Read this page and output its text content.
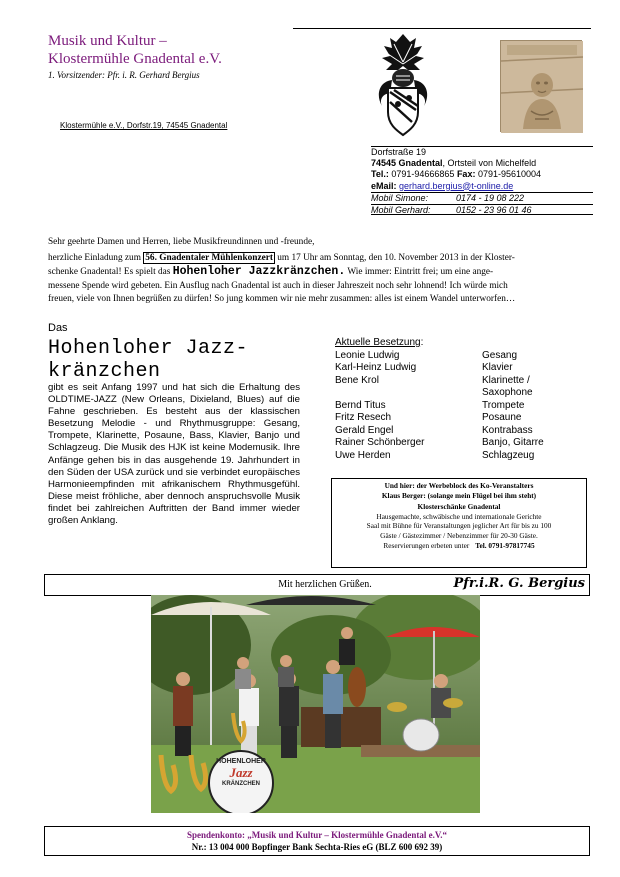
Musik und Kultur –
Klostermühle Gnadental e.V.
1. Vorsitzender: Pfr. i. R. Gerhard Bergius
Klostermühle e.V., Dorfstr.19, 74545 Gnadental
Dorfstraße 19
74545 Gnadental, Ortsteil von Michelfeld
Tel.: 0791-94666865 Fax: 0791-95610004
eMail: gerhard.bergius@t-online.de
Mobil Simone:	0174 - 19 08 222
Mobil Gerhard:	0152 - 23 96 01 46
Sehr geehrte Damen und Herren, liebe Musikfreundinnen und -freunde,
herzliche Einladung zum 56. Gnadentaler Mühlenkonzert um 17 Uhr am Sonntag, den 10. November 2013 in der Kloster-
schenke Gnadental! Es spielt das Hohenloher Jazzkränzchen. Wie immer: Eintritt frei; um eine ange-
messene Spende wird gebeten. Ein Ausflug nach Gnadental ist auch in dieser Jahreszeit noch sehr lohnend! Ich würde mich
freuen, viele von Ihnen begrüßen zu dürfen! So jung kommen wir nie mehr zusammen: alles ist einem Wandel unterworfen…
Das
Hohenloher Jazz-
kränzchen
gibt es seit Anfang 1997 und hat sich die Erhaltung des OLDTIME-JAZZ (New Orleans, Dixieland, Blues) auf die Fahne geschrieben. Es besteht aus der klassischen Besetzung Melodie - und Rhythmusgruppe: Gesang, Trompete, Klarinette, Posaune, Bass, Klavier, Banjo und Schlagzeug. Die Musik des HJK ist keine Modemusik. Ihre Anfänge gehen bis in das ausgehende 19. Jahrhundert in den Süden der USA zurück und sie verbindet europäisches Harmonieempfinden mit afrikanischem Rhythmusgefühl. Diese meist fröhliche, aber dennoch anspruchsvolle Musik findet bei zahlreichen Auftritten der Band immer wieder großen Anklang.
Aktuelle Besetzung:
Leonie Ludwig	Gesang
Karl-Heinz Ludwig	Klavier
Bene Krol	Klarinette /
Saxophone
Bernd Titus	Trompete
Fritz Resech	Posaune
Gerald Engel	Kontrabass
Rainer Schönberger	Banjo, Gitarre
Uwe Herden	Schlagzeug
Und hier: der Werbeblock des Ko-Veranstalters
Klaus Berger: (solange mein Flügel bei ihm steht)
Klosterschänke Gnadental
Hausgemachte, schwäbische und internationale Gerichte
Saal mit Bühne für Veranstaltungen jeglicher Art für bis zu 100
Gäste / Gästezimmer / Nebenzimmer für 20-30 Gäste.
Reservierungen erbeten unter Tel. 0791-97817745
Mit herzlichen Grüßen.	Pfr.i.R. G. Bergius
HOHENLOHER
Jazz
KRÄNZCHEN
Spendenkonto: „Musik und Kultur – Klostermühle Gnadental e.V.“
Nr.: 13 004 000 Bopfinger Bank Sechta-Ries eG (BLZ 600 692 39)
